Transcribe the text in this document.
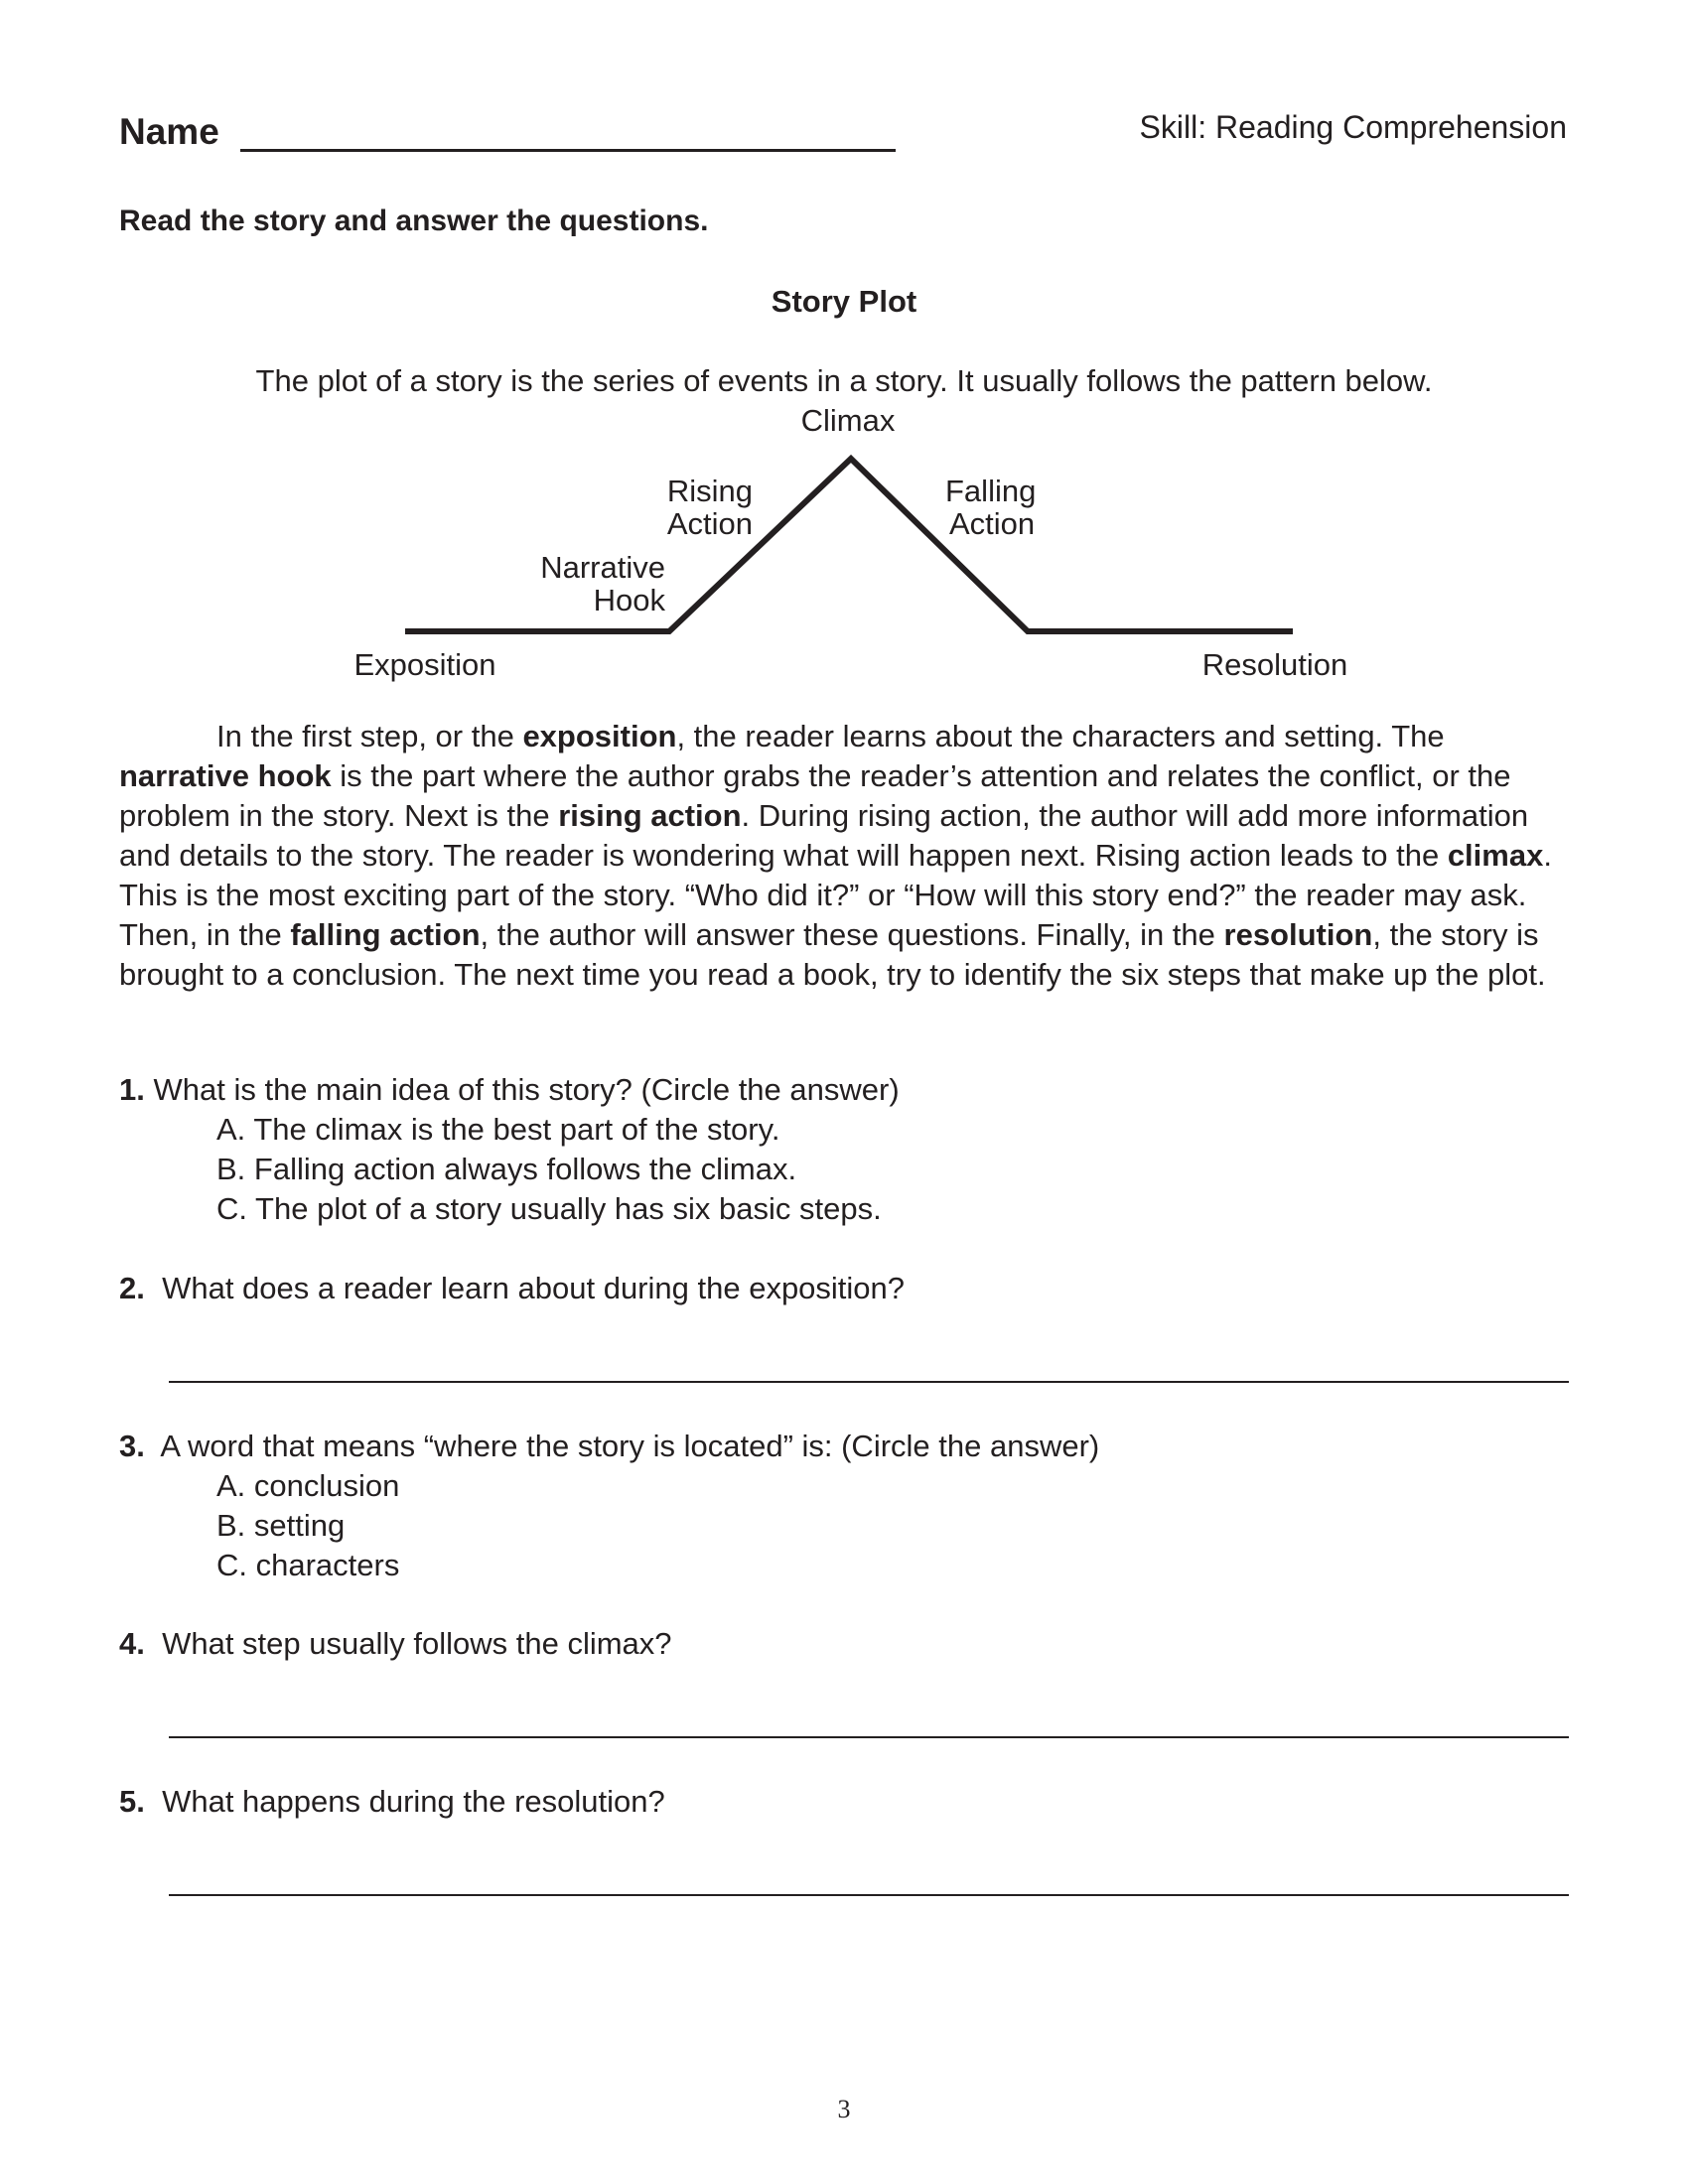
Name	Skill: Reading Comprehension
Read the story and answer the questions.
Story Plot
The plot of a story is the series of events in a story. It usually follows the pattern below.
Climax
Rising
Action
Falling
Action
Narrative
Hook
Exposition	Resolution
In the first step, or the exposition, the reader learns about the characters and setting. The narrative hook is the part where the author grabs the reader’s attention and relates the conflict, or the problem in the story. Next is the rising action. During rising action, the author will add more information and details to the story. The reader is wondering what will happen next. Rising action leads to the climax. This is the most exciting part of the story. “Who did it?” or “How will this story end?” the reader may ask. Then, in the falling action, the author will answer these questions. Finally, in the resolution, the story is brought to a conclusion. The next time you read a book, try to identify the six steps that make up the plot.
1. What is the main idea of this story? (Circle the answer)
A. The climax is the best part of the story.
B. Falling action always follows the climax.
C. The plot of a story usually has six basic steps.
2. What does a reader learn about during the exposition?
3. A word that means “where the story is located” is: (Circle the answer)
A. conclusion
B. setting
C. characters
4. What step usually follows the climax?
5. What happens during the resolution?
3
